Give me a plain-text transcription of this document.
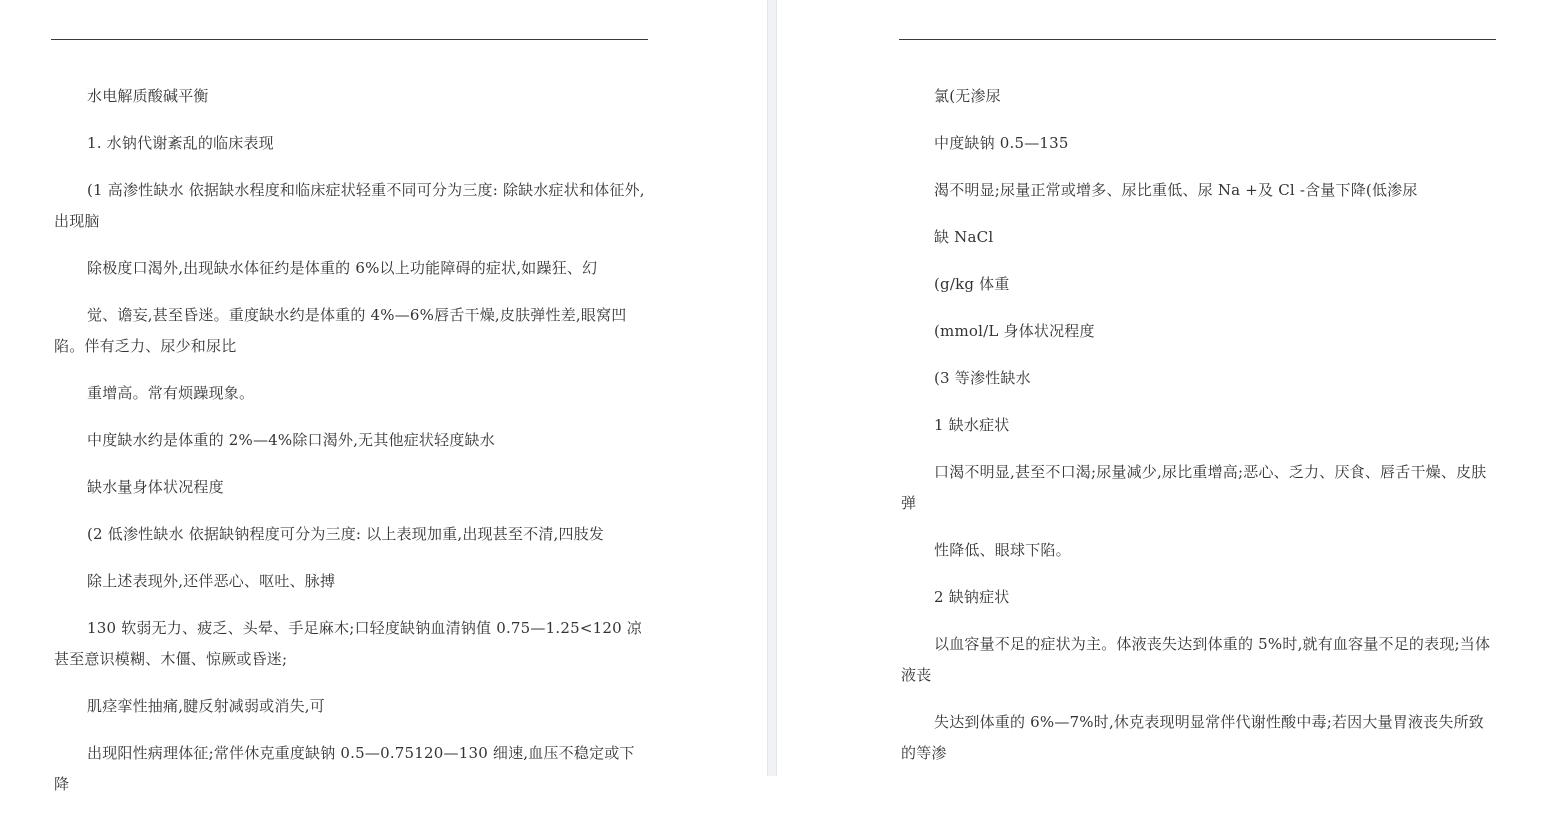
水电解质酸碱平衡

1. 水钠代谢紊乱的临床表现

(1 高渗性缺水 依据缺水程度和临床症状轻重不同可分为三度: 除缺水症状和体征外,出现脑

除极度口渴外,出现缺水体征约是体重的 6%以上功能障碍的症状,如躁狂、幻

觉、谵妄,甚至昏迷。重度缺水约是体重的 4%—6%唇舌干燥,皮肤弹性差,眼窝凹陷。伴有乏力、尿少和尿比

重增高。常有烦躁现象。

中度缺水约是体重的 2%—4%除口渴外,无其他症状轻度缺水

缺水量身体状况程度

(2 低渗性缺水 依据缺钠程度可分为三度: 以上表现加重,出现甚至不清,四肢发

除上述表现外,还伴恶心、呕吐、脉搏

130 软弱无力、疲乏、头晕、手足麻木;口轻度缺钠血清钠值 0.75—1.25<120 凉甚至意识模糊、木僵、惊厥或昏迷;

肌痉挛性抽痛,腱反射减弱或消失,可

出现阳性病理体征;常伴休克重度缺钠 0.5—0.75120—130 细速,血压不稳定或下降

氯(无渗尿

中度缺钠 0.5—135

渴不明显;尿量正常或增多、尿比重低、尿 Na +及 Cl -含量下降(低渗尿

缺 NaCl

(g/kg 体重

(mmol/L 身体状况程度

(3 等渗性缺水

1 缺水症状

口渴不明显,甚至不口渴;尿量减少,尿比重增高;恶心、乏力、厌食、唇舌干燥、皮肤弹

性降低、眼球下陷。

2 缺钠症状

以血容量不足的症状为主。体液丧失达到体重的 5%时,就有血容量不足的表现;当体液丧

失达到体重的 6%—7%时,休克表现明显常伴代谢性酸中毒;若因大量胃液丧失所致的等渗
